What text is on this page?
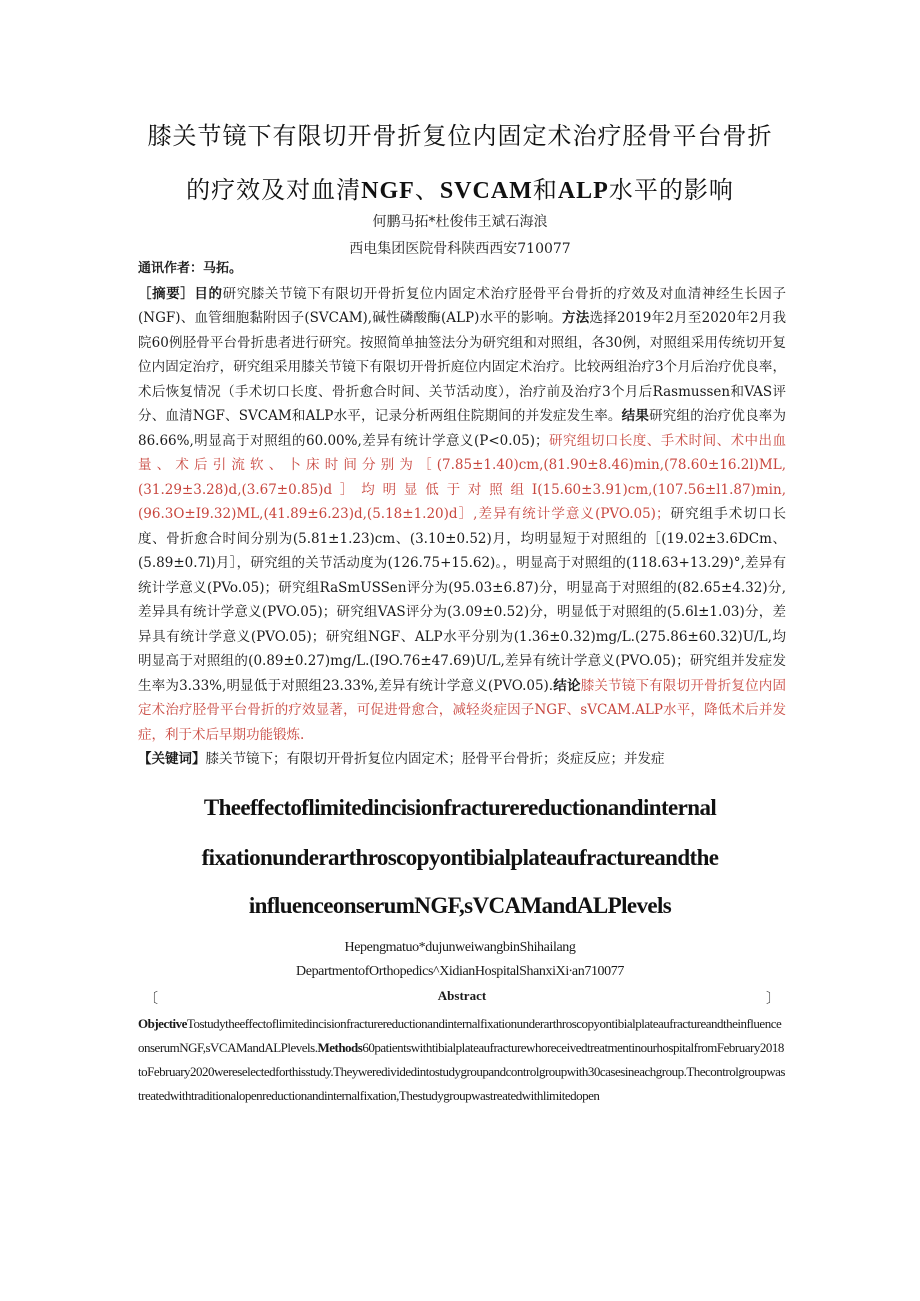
膝关节镜下有限切开骨折复位内固定术治疗胫骨平台骨折
的疗效及对血清NGF、SVCAM和ALP水平的影响
何鹏马拓*杜俊伟王斌石海浪
西电集团医院骨科陕西西安710077

通讯作者：马拓。

［摘要］目的研究膝关节镜下有限切开骨折复位内固定术治疗胫骨平台骨折的疗效及对血清神经生长因子(NGF)、血管细胞黏附因子(SVCAM),碱性磷酸酶(ALP)水平的影响。方法选择2019年2月至2020年2月我院60例胫骨平台骨折患者进行研究。按照简单抽签法分为研究组和对照组，各30例，对照组采用传统切开复位内固定治疗，研究组采用膝关节镜下有限切开骨折庭位内固定术治疗。比较两组治疗3个月后治疗优良率，术后恢复情况（手术切口长度、骨折愈合时间、关节活动度），治疗前及治疗3个月后Rasmussen和VAS评分、血清NGF、SVCAM和ALP水平，记录分析两组住院期间的并发症发生率。结果研究组的治疗优良率为86.66%,明显高于对照组的60.00%,差异有统计学意义(P<0.05)；研究组切口长度、手术时间、术中出血量、术后引流软、卜床时间分别为［(7.85±1.40)cm,(81.90±8.46)min,(78.60±16.2l)ML,(31.29±3.28)d,(3.67±0.85)d］均明显低于对照组I(15.60±3.91)cm,(107.56±l1.87)min,(96.3O±I9.32)ML,(41.89±6.23)d,(5.18±1.20)d］,差异有统计学意义(PVO.05)；研究组手术切口长度、骨折愈合时间分别为(5.81±1.23)cm、(3.10±0.52)月，均明显短于对照组的［(19.02±3.6DCm、(5.89±0.7l)月］，研究组的关节活动度为(126.75+15.62)。，明显高于对照组的(118.63+13.29)°,差异有统计学意义(PVo.05)；研究组RaSmUSSen评分为(95.03±6.87)分，明显高于对照组的(82.65±4.32)分,差异具有统计学意义(PVO.05)；研究组VAS评分为(3.09±0.52)分，明显低于对照组的(5.6l±1.03)分，差异具有统计学意义(PVO.05)；研究组NGF、ALP水平分别为(1.36±0.32)mg∕L.(275.86±60.32)U/L,均明显高于对照组的(0.89±0.27)mg∕L.(I9O.76±47.69)U/L,差异有统计学意义(PVO.05)；研究组并发症发生率为3.33%,明显低于对照组23.33%,差异有统计学意义(PVO.05).结论膝关节镜下有限切开骨折复位内固定术治疗胫骨平台骨折的疗效显著，可促进骨愈合，减轻炎症因子NGF、sVCAM.ALP水平，降低术后并发症，利于术后早期功能锻炼.

【关键词】膝关节镜下；有限切开骨折复位内固定术；胫骨平台骨折；炎症反应；并发症

Theeffectoflimitedincisionfracturereductionandinternal
fixationunderarthroscopyontibialplateaufractureandthe
influenceonserumNGF,sVCAMandALPlevels
Hepengmatuo*dujunweiwangbinShihailang
DepartmentofOrthopedics^XidianHospitalShanxiXi∙an710077
〔	Abstract	〕
ObjectiveTostudytheeffectoflimitedincisionfracturereductionandinternalfixationunderarthroscopyontibialplateaufractureandtheinfluenceonserumNGF,sVCAMandALPlevels.Methods60patientswithtibialplateaufracturewhoreceivedtreatmentinourhospitalfromFebruary2018toFebruary2020wereselectedforthisstudy.Theyweredividedintostudygroupandcontrolgroupwith30casesineachgroup.Thecontrolgroupwastreatedwithtraditionalopenreductionandinternalfixation,Thestudygroupwastreatedwithlimitedopen
